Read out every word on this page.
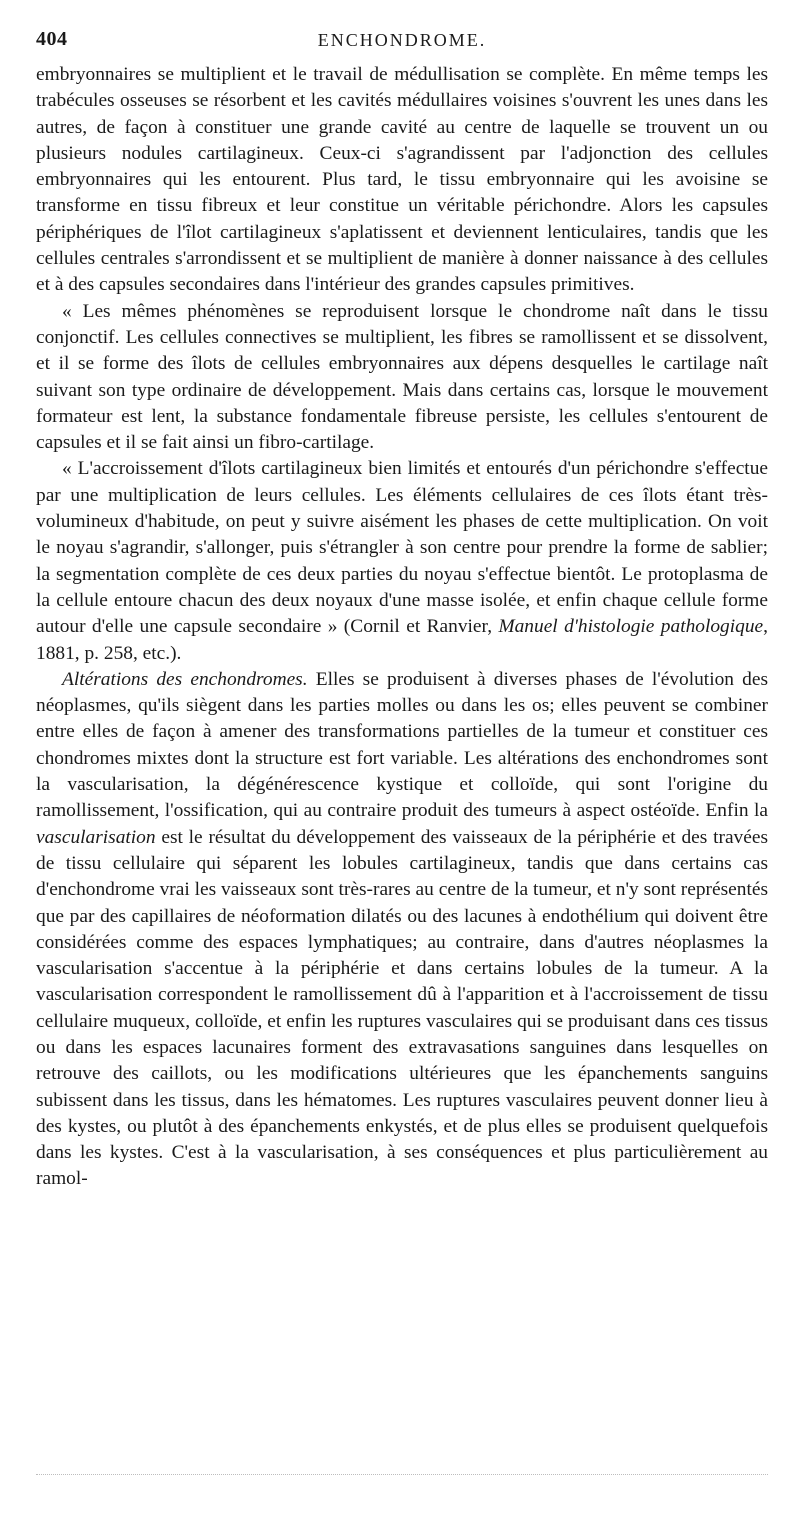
404	ENCHONDROME.

embryonnaires se multiplient et le travail de médullisation se complète. En même temps les trabécules osseuses se résorbent et les cavités médullaires voisines s'ouvrent les unes dans les autres, de façon à constituer une grande cavité au centre de laquelle se trouvent un ou plusieurs nodules cartilagineux. Ceux-ci s'agrandissent par l'adjonction des cellules embryonnaires qui les entourent. Plus tard, le tissu embryonnaire qui les avoisine se transforme en tissu fibreux et leur constitue un véritable périchondre. Alors les capsules périphériques de l'îlot cartilagineux s'aplatissent et deviennent lenticulaires, tandis que les cellules centrales s'arrondissent et se multiplient de manière à donner naissance à des cellules et à des capsules secondaires dans l'intérieur des grandes capsules primitives.

« Les mêmes phénomènes se reproduisent lorsque le chondrome naît dans le tissu conjonctif. Les cellules connectives se multiplient, les fibres se ramollissent et se dissolvent, et il se forme des îlots de cellules embryonnaires aux dépens desquelles le cartilage naît suivant son type ordinaire de développement. Mais dans certains cas, lorsque le mouvement formateur est lent, la substance fondamentale fibreuse persiste, les cellules s'entourent de capsules et il se fait ainsi un fibro-cartilage.

« L'accroissement d'îlots cartilagineux bien limités et entourés d'un périchondre s'effectue par une multiplication de leurs cellules. Les éléments cellulaires de ces îlots étant très-volumineux d'habitude, on peut y suivre aisément les phases de cette multiplication. On voit le noyau s'agrandir, s'allonger, puis s'étrangler à son centre pour prendre la forme de sablier; la segmentation complète de ces deux parties du noyau s'effectue bientôt. Le protoplasma de la cellule entoure chacun des deux noyaux d'une masse isolée, et enfin chaque cellule forme autour d'elle une capsule secondaire » (Cornil et Ranvier, Manuel d'histologie pathologique, 1881, p. 258, etc.).

Altérations des enchondromes. Elles se produisent à diverses phases de l'évolution des néoplasmes, qu'ils siègent dans les parties molles ou dans les os; elles peuvent se combiner entre elles de façon à amener des transformations partielles de la tumeur et constituer ces chondromes mixtes dont la structure est fort variable. Les altérations des enchondromes sont la vascularisation, la dégénérescence kystique et colloïde, qui sont l'origine du ramollissement, l'ossification, qui au contraire produit des tumeurs à aspect ostéoïde. Enfin la vascularisation est le résultat du développement des vaisseaux de la périphérie et des travées de tissu cellulaire qui séparent les lobules cartilagineux, tandis que dans certains cas d'enchondrome vrai les vaisseaux sont très-rares au centre de la tumeur, et n'y sont représentés que par des capillaires de néoformation dilatés ou des lacunes à endothélium qui doivent être considérées comme des espaces lymphatiques; au contraire, dans d'autres néoplasmes la vascularisation s'accentue à la périphérie et dans certains lobules de la tumeur. A la vascularisation correspondent le ramollissement dû à l'apparition et à l'accroissement de tissu cellulaire muqueux, colloïde, et enfin les ruptures vasculaires qui se produisant dans ces tissus ou dans les espaces lacunaires forment des extravasations sanguines dans lesquelles on retrouve des caillots, ou les modifications ultérieures que les épanchements sanguins subissent dans les tissus, dans les hématomes. Les ruptures vasculaires peuvent donner lieu à des kystes, ou plutôt à des épanchements enkystés, et de plus elles se produisent quelquefois dans les kystes. C'est à la vascularisation, à ses conséquences et plus particulièrement au ramol-
